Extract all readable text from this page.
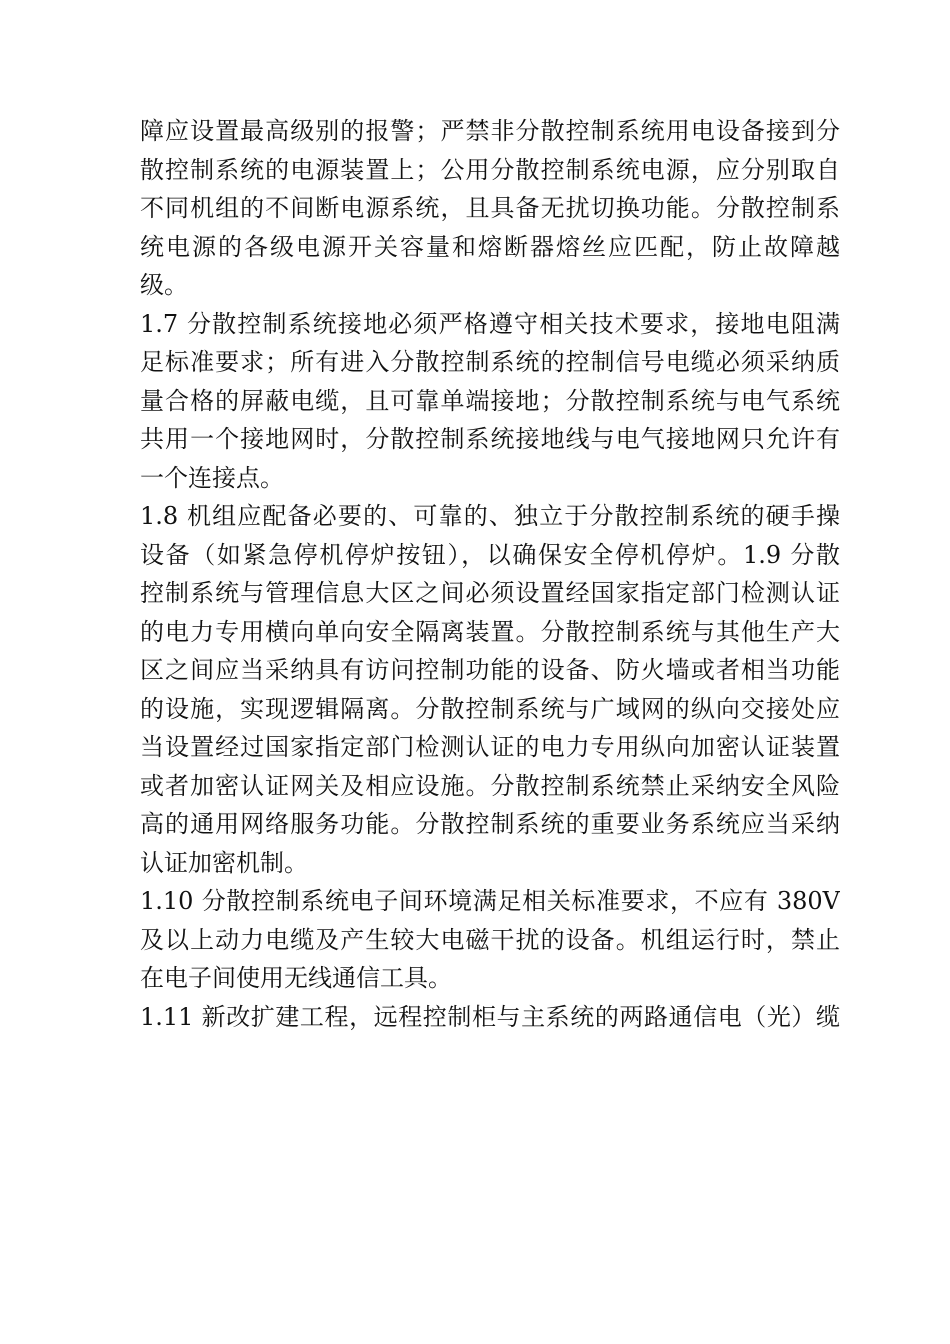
障应设置最高级别的报警；严禁非分散控制系统用电设备接到分
散控制系统的电源装置上；公用分散控制系统电源，应分别取自
不同机组的不间断电源系统，且具备无扰切换功能。分散控制系
统电源的各级电源开关容量和熔断器熔丝应匹配，防止故障越
级。
1.7 分散控制系统接地必须严格遵守相关技术要求，接地电阻满
足标准要求；所有进入分散控制系统的控制信号电缆必须采纳质
量合格的屏蔽电缆，且可靠单端接地；分散控制系统与电气系统
共用一个接地网时，分散控制系统接地线与电气接地网只允许有
一个连接点。
1.8 机组应配备必要的、可靠的、独立于分散控制系统的硬手操
设备（如紧急停机停炉按钮），以确保安全停机停炉。1.9 分散
控制系统与管理信息大区之间必须设置经国家指定部门检测认证
的电力专用横向单向安全隔离装置。分散控制系统与其他生产大
区之间应当采纳具有访问控制功能的设备、防火墙或者相当功能
的设施，实现逻辑隔离。分散控制系统与广域网的纵向交接处应
当设置经过国家指定部门检测认证的电力专用纵向加密认证装置
或者加密认证网关及相应设施。分散控制系统禁止采纳安全风险
高的通用网络服务功能。分散控制系统的重要业务系统应当采纳
认证加密机制。
1.10 分散控制系统电子间环境满足相关标准要求，不应有 380V
及以上动力电缆及产生较大电磁干扰的设备。机组运行时，禁止
在电子间使用无线通信工具。
1.11 新改扩建工程，远程控制柜与主系统的两路通信电（光）缆
